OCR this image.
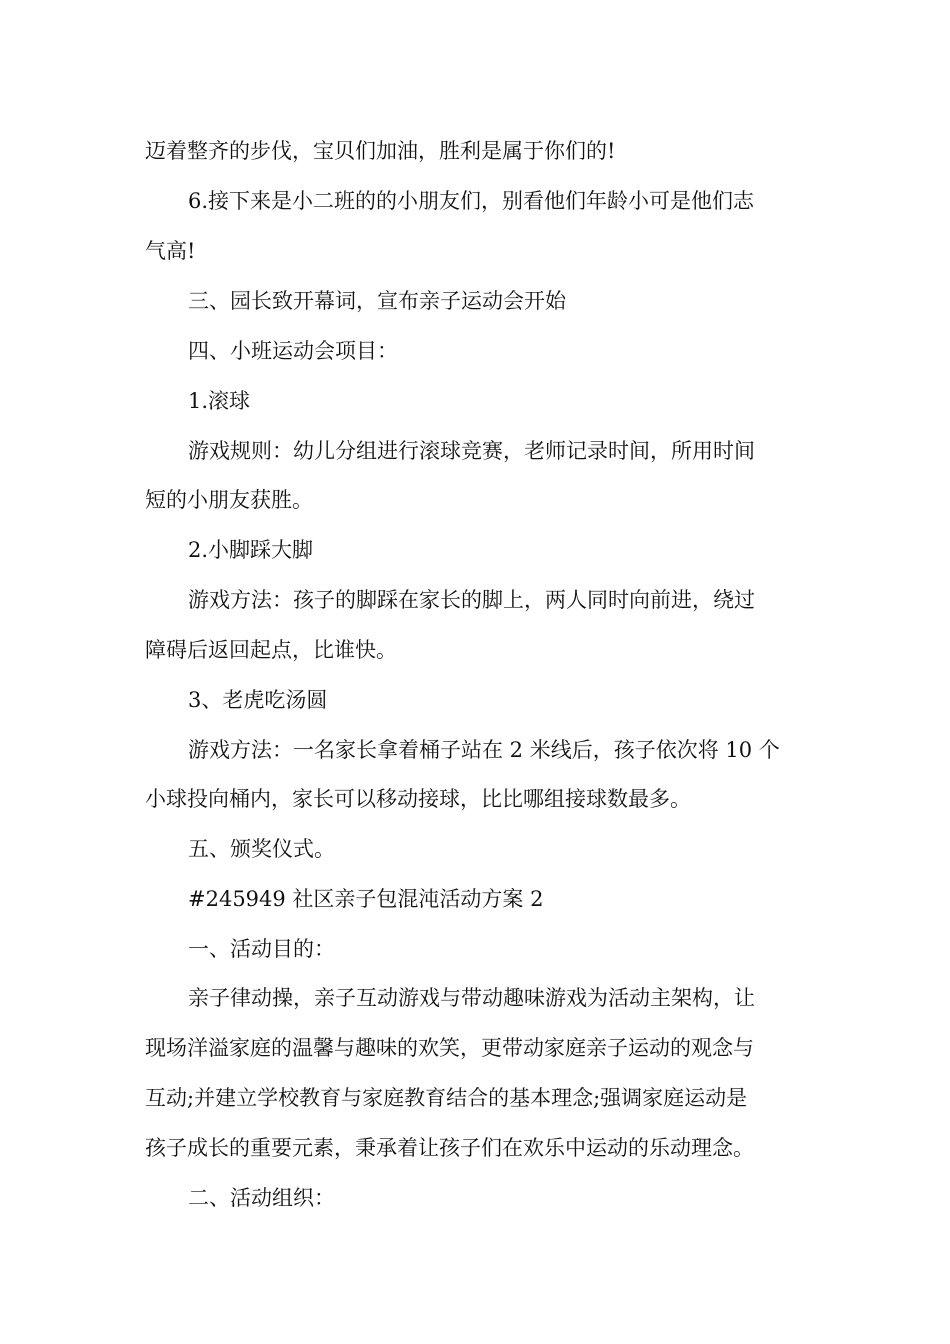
迈着整齐的步伐，宝贝们加油，胜利是属于你们的!
6.接下来是小二班的的小朋友们，别看他们年龄小可是他们志
气高!
三、园长致开幕词，宣布亲子运动会开始
四、小班运动会项目：
1.滚球
游戏规则：幼儿分组进行滚球竞赛，老师记录时间，所用时间
短的小朋友获胜。
2.小脚踩大脚
游戏方法：孩子的脚踩在家长的脚上，两人同时向前进，绕过
障碍后返回起点，比谁快。
3、老虎吃汤圆
游戏方法：一名家长拿着桶子站在 2 米线后，孩子依次将 10 个
小球投向桶内，家长可以移动接球，比比哪组接球数最多。
五、颁奖仪式。
#245949 社区亲子包混沌活动方案 2
一、活动目的：
亲子律动操，亲子互动游戏与带动趣味游戏为活动主架构，让
现场洋溢家庭的温馨与趣味的欢笑，更带动家庭亲子运动的观念与
互动;并建立学校教育与家庭教育结合的基本理念;强调家庭运动是
孩子成长的重要元素，秉承着让孩子们在欢乐中运动的乐动理念。
二、活动组织：
